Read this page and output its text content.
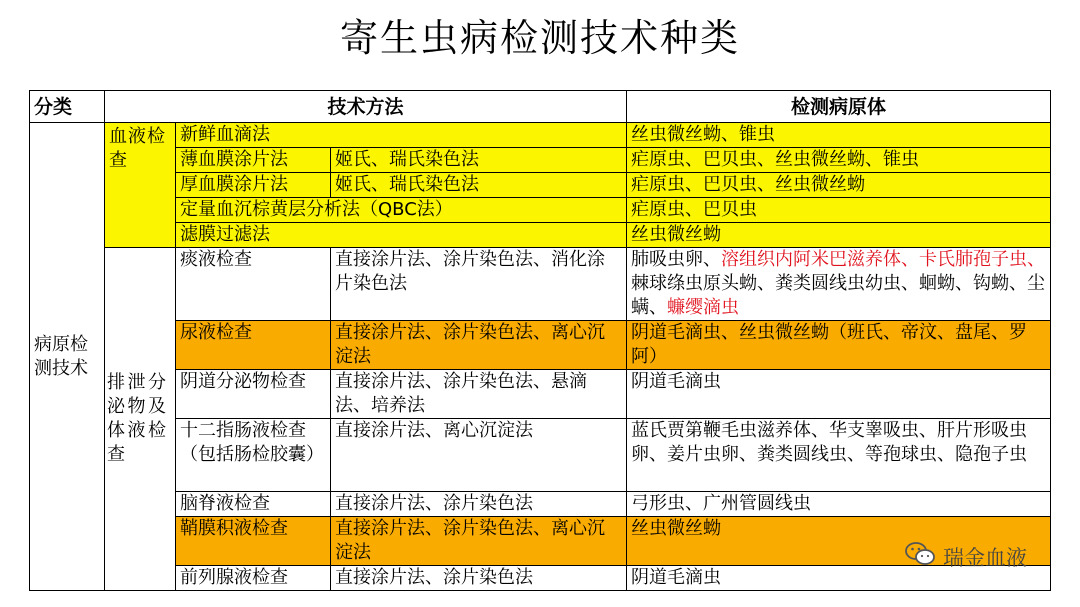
寄生虫病检测技术种类
分类	技术方法			检测病原体
病原检测技术	血液检查	新鲜血滴法		丝虫微丝蚴、锥虫
		薄血膜涂片法	姬氏、瑞氏染色法	疟原虫、巴贝虫、丝虫微丝蚴、锥虫
		厚血膜涂片法	姬氏、瑞氏染色法	疟原虫、巴贝虫、丝虫微丝蚴
		定量血沉棕黄层分析法（QBC法）		疟原虫、巴贝虫
		滤膜过滤法		丝虫微丝蚴

	排泄分泌物及体液检查	痰液检查	直接涂片法、涂片染色法、消化涂片染色法	肺吸虫卵、溶组织内阿米巴滋养体、卡氏肺孢子虫、棘球绦虫原头蚴、粪类圆线虫幼虫、蛔蚴、钩蚴、尘螨、蠊缨滴虫
		尿液检查	直接涂片法、涂片染色法、离心沉淀法	阴道毛滴虫、丝虫微丝蚴（班氏、帝汶、盘尾、罗阿）
		阴道分泌物检查	直接涂片法、涂片染色法、悬滴法、培养法	阴道毛滴虫
		十二指肠液检查（包括肠检胶囊）	直接涂片法、离心沉淀法	蓝氏贾第鞭毛虫滋养体、华支睾吸虫、肝片形吸虫卵、姜片虫卵、粪类圆线虫、等孢球虫、隐孢子虫
		脑脊液检查	直接涂片法、涂片染色法	弓形虫、广州管圆线虫
		鞘膜积液检查	直接涂片法、涂片染色法、离心沉淀法	丝虫微丝蚴
		前列腺液检查	直接涂片法、涂片染色法	阴道毛滴虫
瑞金血液
